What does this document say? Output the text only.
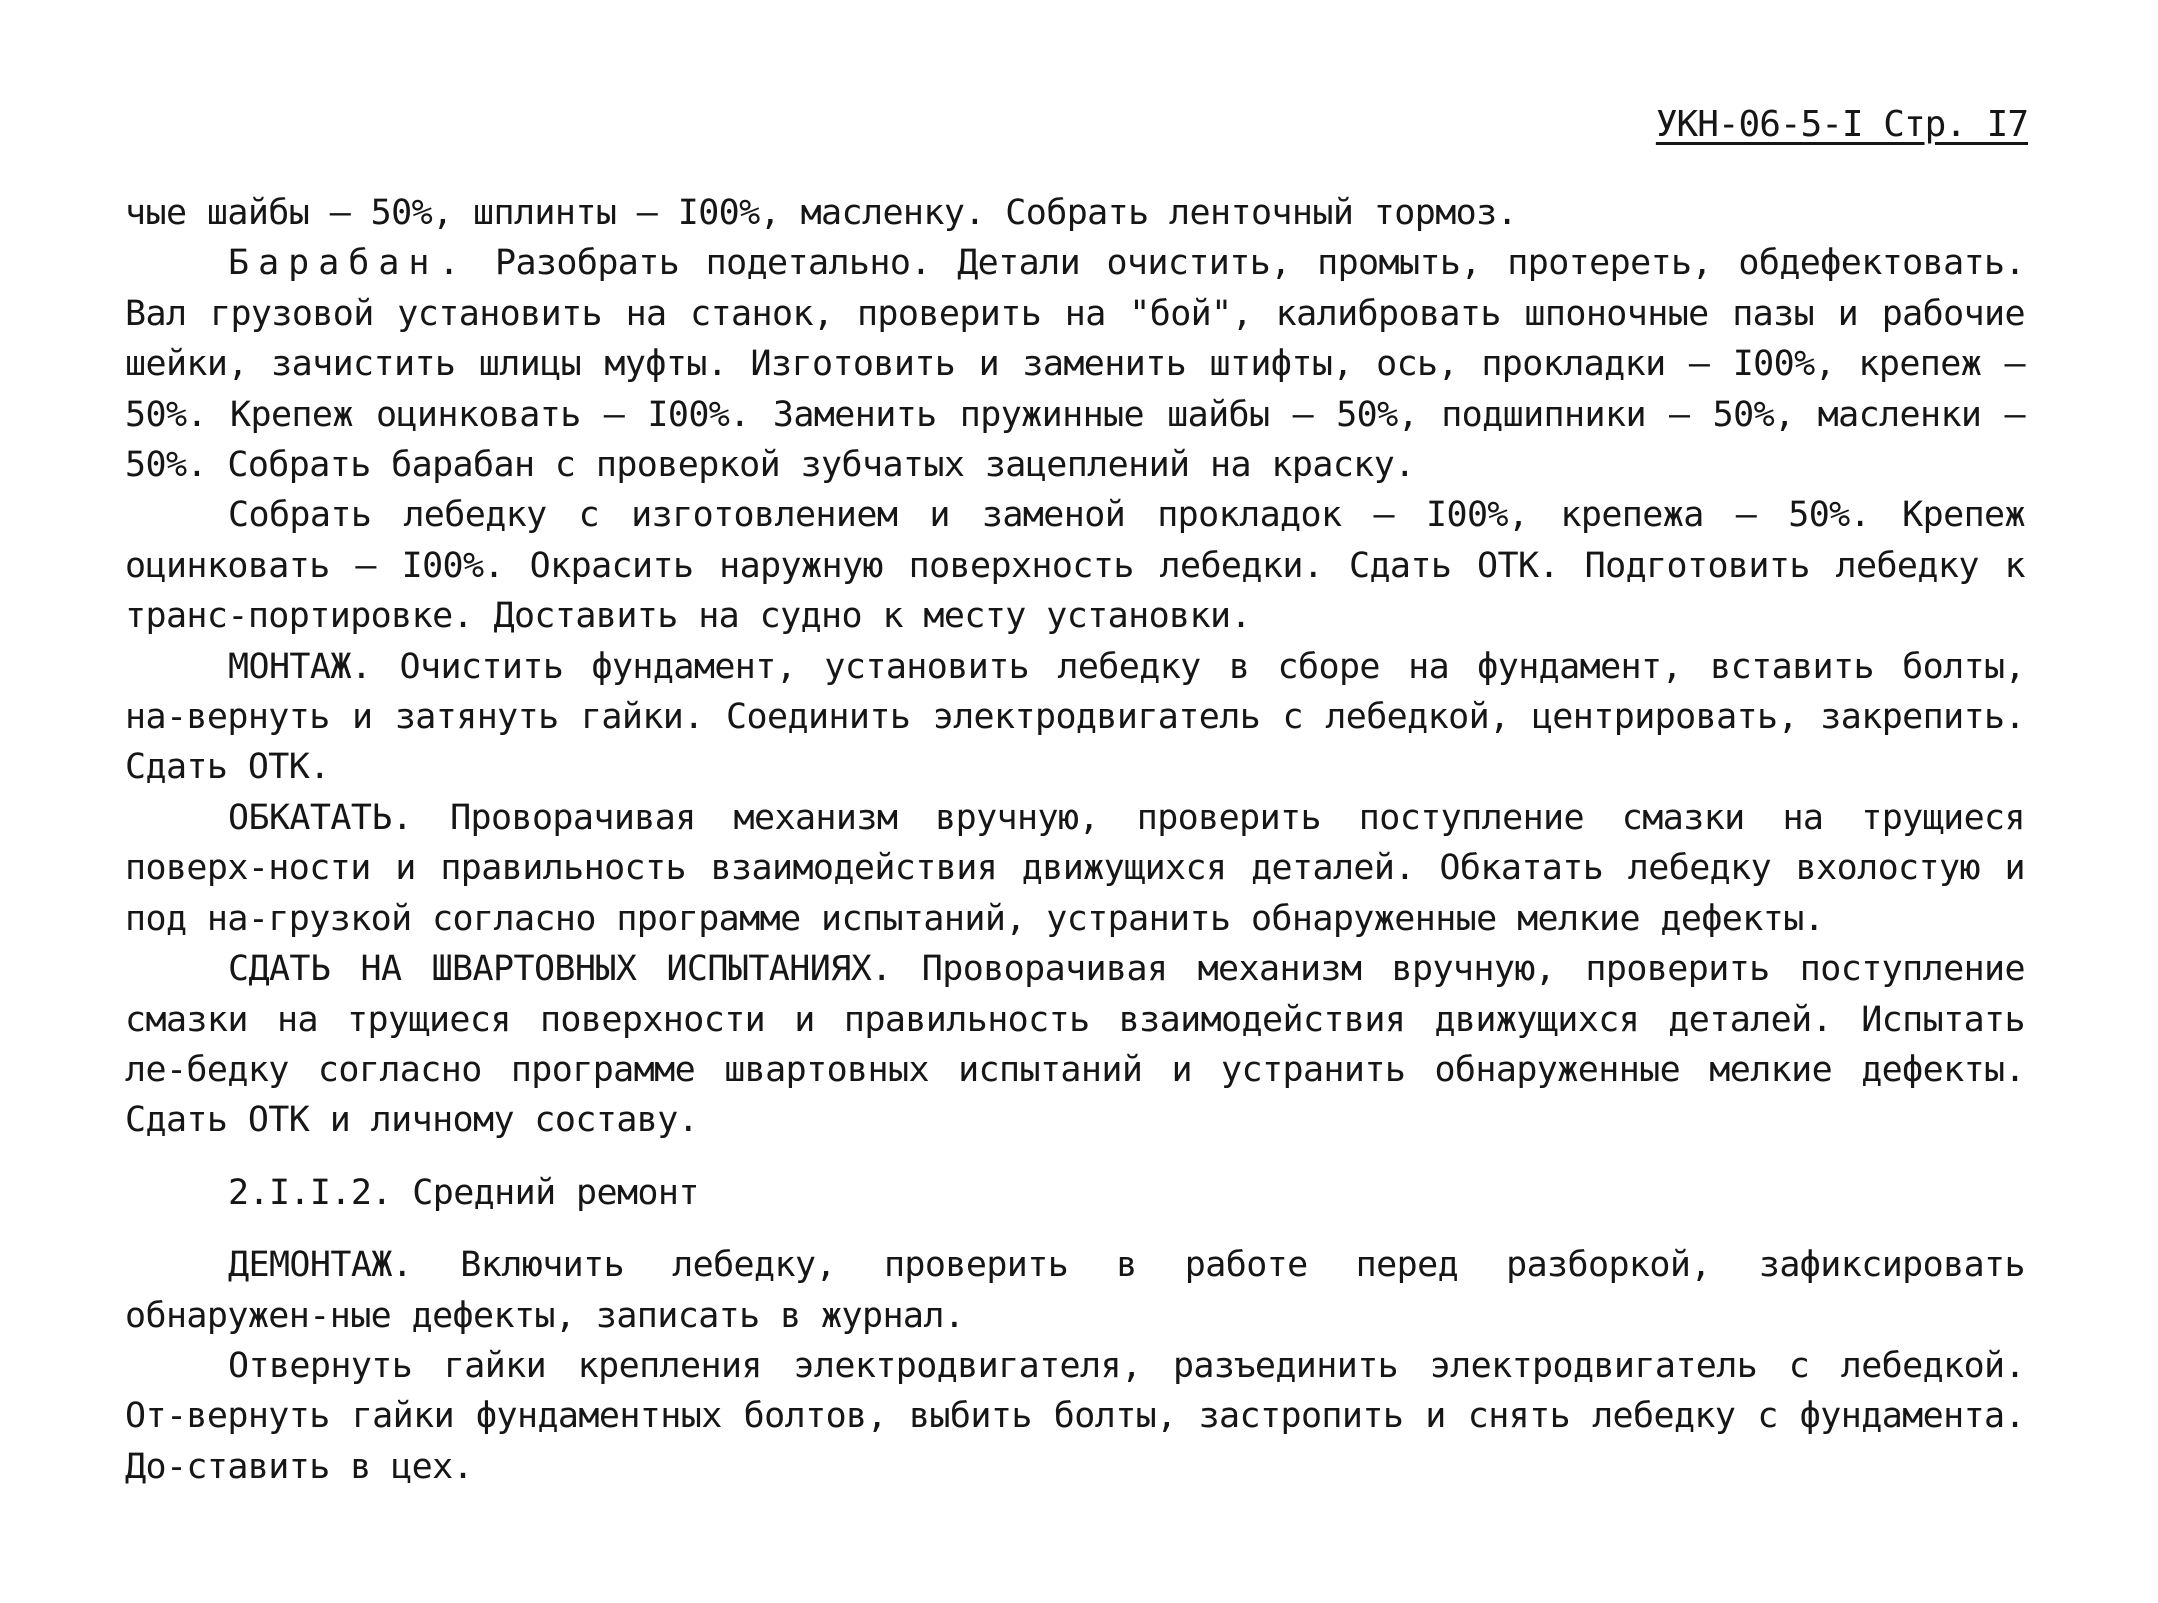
УКН-06-5-I Стр. I7

чые шайбы – 50%, шплинты – I00%, масленку. Собрать ленточный тормоз.

Барабан. Разобрать подетально. Детали очистить, промыть, протереть, обдефектовать. Вал грузовой установить на станок, проверить на "бой", калибровать шпоночные пазы и рабочие шейки, зачистить шлицы муфты. Изготовить и заменить штифты, ось, прокладки – I00%, крепеж – 50%. Крепеж оцинковать – I00%. Заменить пружинные шайбы – 50%, подшипники – 50%, масленки – 50%. Собрать барабан с проверкой зубчатых зацеплений на краску.

Собрать лебедку с изготовлением и заменой прокладок – I00%, крепежа – 50%. Крепеж оцинковать – I00%. Окрасить наружную поверхность лебедки. Сдать ОТК. Подготовить лебедку к транс-портировке. Доставить на судно к месту установки.

МОНТАЖ. Очистить фундамент, установить лебедку в сборе на фундамент, вставить болты, на-вернуть и затянуть гайки. Соединить электродвигатель с лебедкой, центрировать, закрепить. Сдать ОТК.

ОБКАТАТЬ. Проворачивая механизм вручную, проверить поступление смазки на трущиеся поверх-ности и правильность взаимодействия движущихся деталей. Обкатать лебедку вхолостую и под на-грузкой согласно программе испытаний, устранить обнаруженные мелкие дефекты.

СДАТЬ НА ШВАРТОВНЫХ ИСПЫТАНИЯХ. Проворачивая механизм вручную, проверить поступление смазки на трущиеся поверхности и правильность взаимодействия движущихся деталей. Испытать ле-бедку согласно программе швартовных испытаний и устранить обнаруженные мелкие дефекты. Сдать ОТК и личному составу.

2.I.I.2. Средний ремонт

ДЕМОНТАЖ. Включить лебедку, проверить в работе перед разборкой, зафиксировать обнаружен-ные дефекты, записать в журнал.

Отвернуть гайки крепления электродвигателя, разъединить электродвигатель с лебедкой. От-вернуть гайки фундаментных болтов, выбить болты, застропить и снять лебедку с фундамента. До-ставить в цех.
